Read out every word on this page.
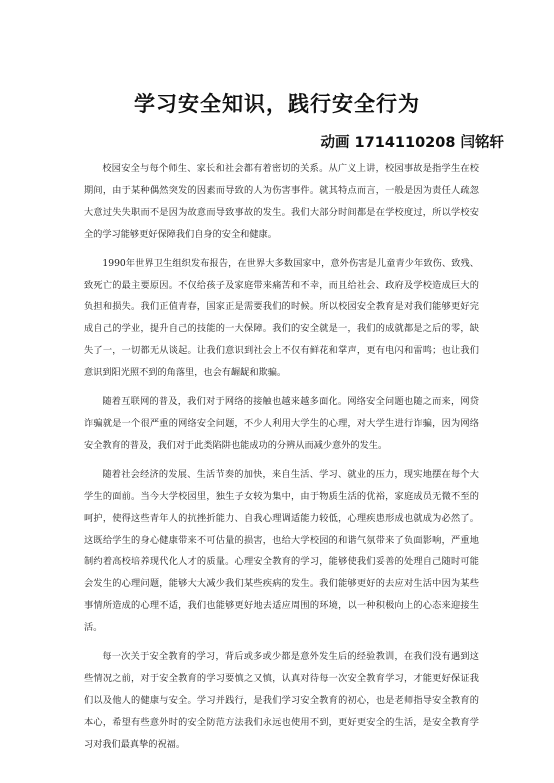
学习安全知识，践行安全行为
动画 1714110208 闫铭轩

校园安全与每个师生、家长和社会都有着密切的关系。从广义上讲，校园事故是指学生在校期间，由于某种偶然突发的因素而导致的人为伤害事件。就其特点而言，一般是因为责任人疏忽大意过失失职而不是因为故意而导致事故的发生。我们大部分时间都是在学校度过，所以学校安全的学习能够更好保障我们自身的安全和健康。

1990年世界卫生组织发布报告，在世界大多数国家中，意外伤害是儿童青少年致伤、致残、致死亡的最主要原因。不仅给孩子及家庭带来痛苦和不幸，而且给社会、政府及学校造成巨大的负担和损失。我们正值青春，国家正是需要我们的时候。所以校园安全教育是对我们能够更好完成自己的学业，提升自己的技能的一大保障。我们的安全就是一，我们的成就都是之后的零，缺失了一，一切都无从谈起。让我们意识到社会上不仅有鲜花和掌声，更有电闪和雷鸣；也让我们意识到阳光照不到的角落里，也会有龌龊和欺骗。

随着互联网的普及，我们对于网络的接触也越来越多面化。网络安全问题也随之而来，网贷诈骗就是一个很严重的网络安全问题，不少人利用大学生的心理，对大学生进行诈骗，因为网络安全教育的普及，我们对于此类陷阱也能成功的分辨从而减少意外的发生。

随着社会经济的发展、生活节奏的加快，来自生活、学习、就业的压力，现实地摆在每个大学生的面前。当今大学校园里，独生子女较为集中，由于物质生活的优裕，家庭成员无微不至的呵护，使得这些青年人的抗挫折能力、自我心理调适能力较低，心理疾患形成也就成为必然了。这既给学生的身心健康带来不可估量的损害，也给大学校园的和谐气氛带来了负面影响，严重地制约着高校培养现代化人才的质量。心理安全教育的学习，能够使我们妥善的处理自己随时可能会发生的心理问题，能够大大减少我们某些疾病的发生。我们能够更好的去应对生活中因为某些事情所造成的心理不适，我们也能够更好地去适应周围的环境，以一种积极向上的心态来迎接生活。

每一次关于安全教育的学习，背后或多或少都是意外发生后的经验教训，在我们没有遇到这些情况之前，对于安全教育的学习要慎之又慎，认真对待每一次安全教育学习，才能更好保证我们以及他人的健康与安全。学习并践行，是我们学习安全教育的初心，也是老师指导安全教育的本心，希望有些意外时的安全防范方法我们永远也使用不到，更好更安全的生活，是安全教育学习对我们最真挚的祝福。
